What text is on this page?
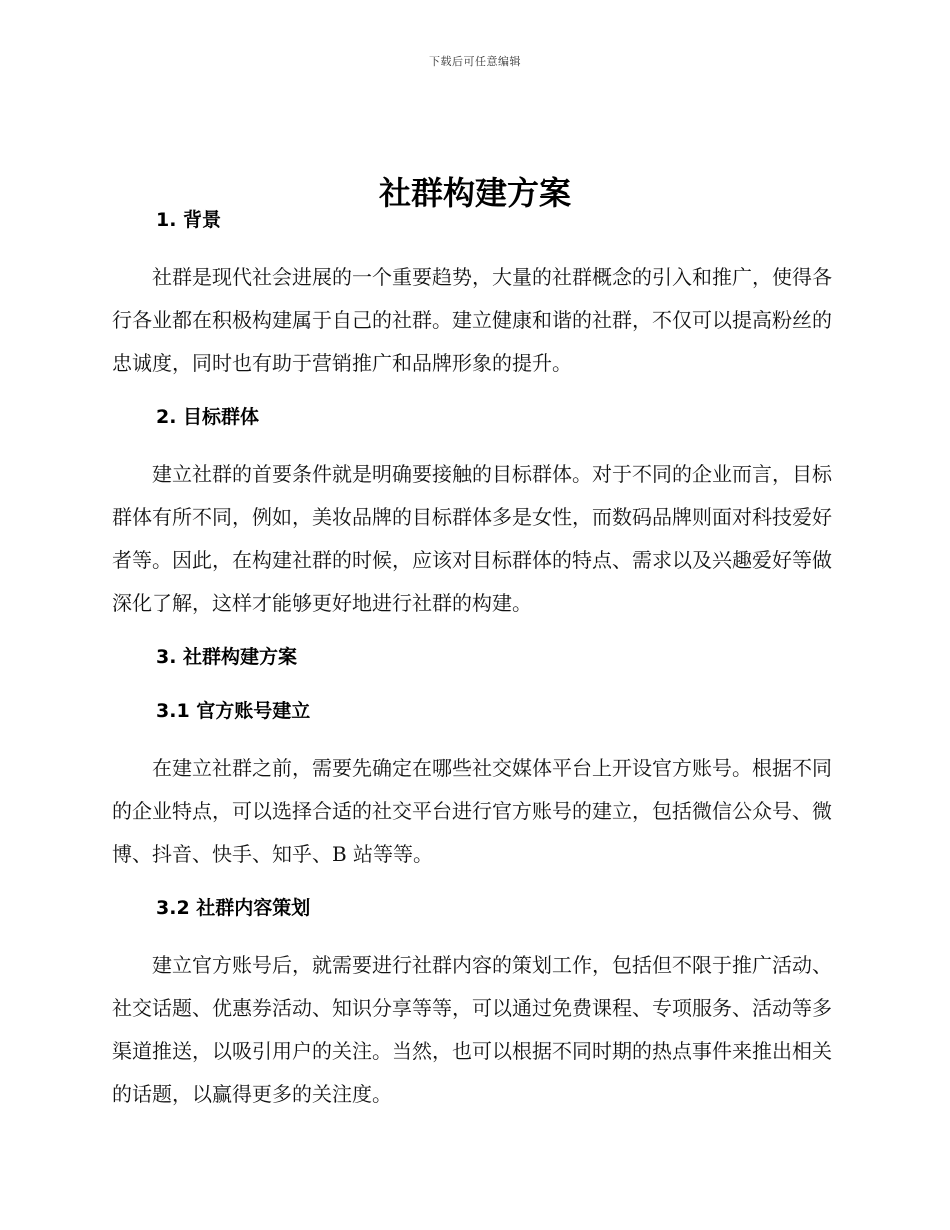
下载后可任意编辑
社群构建方案
1. 背景

社群是现代社会进展的一个重要趋势，大量的社群概念的引入和推广，使得各行各业都在积极构建属于自己的社群。建立健康和谐的社群，不仅可以提高粉丝的忠诚度，同时也有助于营销推广和品牌形象的提升。

2. 目标群体

建立社群的首要条件就是明确要接触的目标群体。对于不同的企业而言，目标群体有所不同，例如，美妆品牌的目标群体多是女性，而数码品牌则面对科技爱好者等。因此，在构建社群的时候，应该对目标群体的特点、需求以及兴趣爱好等做深化了解，这样才能够更好地进行社群的构建。

3. 社群构建方案
3.1 官方账号建立

在建立社群之前，需要先确定在哪些社交媒体平台上开设官方账号。根据不同的企业特点，可以选择合适的社交平台进行官方账号的建立，包括微信公众号、微博、抖音、快手、知乎、B 站等等。

3.2 社群内容策划

建立官方账号后，就需要进行社群内容的策划工作，包括但不限于推广活动、社交话题、优惠券活动、知识分享等等，可以通过免费课程、专项服务、活动等多渠道推送，以吸引用户的关注。当然，也可以根据不同时期的热点事件来推出相关的话题，以赢得更多的关注度。
